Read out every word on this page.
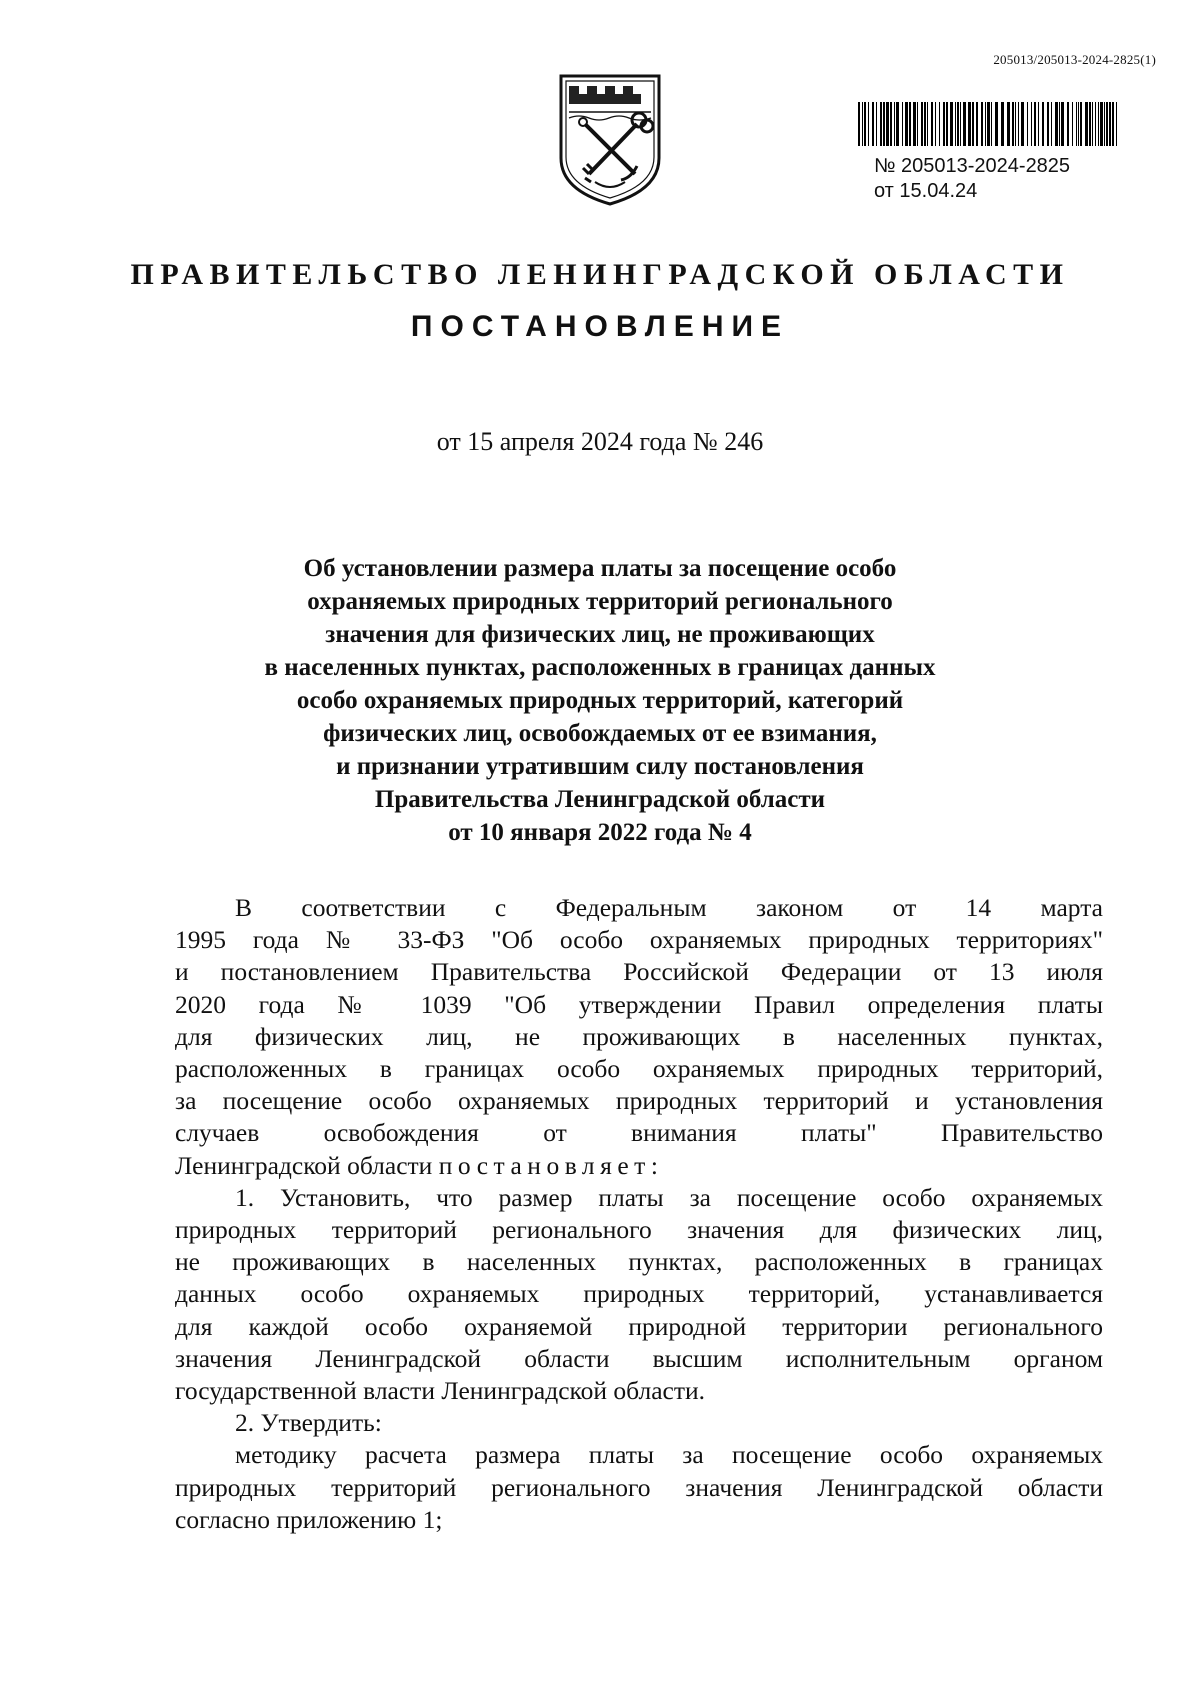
205013/205013-2024-2825(1)
№ 205013-2024-2825
от 15.04.24
ПРАВИТЕЛЬСТВО ЛЕНИНГРАДСКОЙ ОБЛАСТИ
ПОСТАНОВЛЕНИЕ
от 15 апреля 2024 года № 246
Об установлении размера платы за посещение особо
охраняемых природных территорий регионального
значения для физических лиц, не проживающих
в населенных пунктах, расположенных в границах данных
особо охраняемых природных территорий, категорий
физических лиц, освобождаемых от ее взимания,
и признании утратившим силу постановления
Правительства Ленинградской области
от 10 января 2022 года № 4
В соответствии с Федеральным законом от 14 марта
1995 года № 33-ФЗ "Об особо охраняемых природных территориях"
и постановлением Правительства Российской Федерации от 13 июля
2020 года № 1039 "Об утверждении Правил определения платы
для физических лиц, не проживающих в населенных пунктах,
расположенных в границах особо охраняемых природных территорий,
за посещение особо охраняемых природных территорий и установления
случаев освобождения от внимания платы" Правительство
Ленинградской области постановляет:
1. Установить, что размер платы за посещение особо охраняемых
природных территорий регионального значения для физических лиц,
не проживающих в населенных пунктах, расположенных в границах
данных особо охраняемых природных территорий, устанавливается
для каждой особо охраняемой природной территории регионального
значения Ленинградской области высшим исполнительным органом
государственной власти Ленинградской области.
2. Утвердить:
методику расчета размера платы за посещение особо охраняемых
природных территорий регионального значения Ленинградской области
согласно приложению 1;
